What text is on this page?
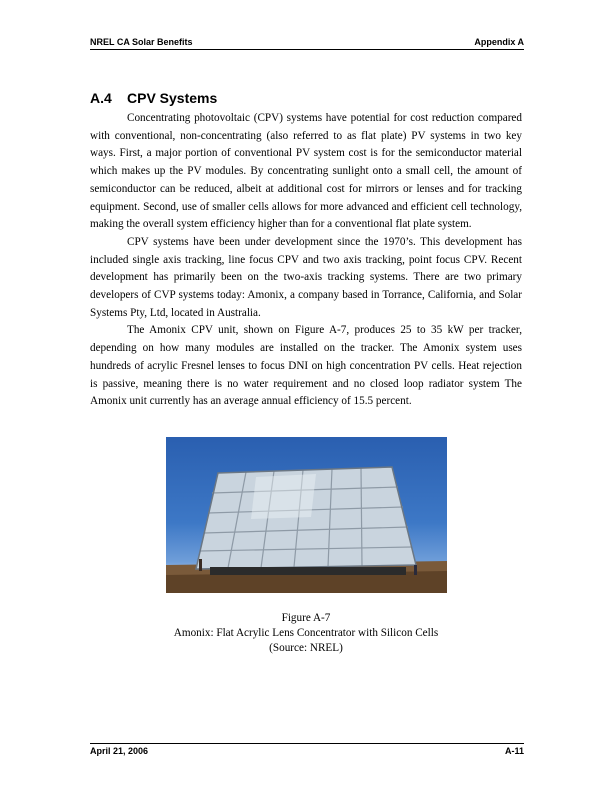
NREL CA Solar Benefits	Appendix A
A.4 CPV Systems

Concentrating photovoltaic (CPV) systems have potential for cost reduction compared with conventional, non-concentrating (also referred to as flat plate) PV systems in two key ways. First, a major portion of conventional PV system cost is for the semiconductor material which makes up the PV modules. By concentrating sunlight onto a small cell, the amount of semiconductor can be reduced, albeit at additional cost for mirrors or lenses and for tracking equipment. Second, use of smaller cells allows for more advanced and efficient cell technology, making the overall system efficiency higher than for a conventional flat plate system.

CPV systems have been under development since the 1970’s. This development has included single axis tracking, line focus CPV and two axis tracking, point focus CPV. Recent development has primarily been on the two-axis tracking systems. There are two primary developers of CVP systems today: Amonix, a company based in Torrance, California, and Solar Systems Pty, Ltd, located in Australia.

The Amonix CPV unit, shown on Figure A-7, produces 25 to 35 kW per tracker, depending on how many modules are installed on the tracker. The Amonix system uses hundreds of acrylic Fresnel lenses to focus DNI on high concentration PV cells. Heat rejection is passive, meaning there is no water requirement and no closed loop radiator system The Amonix unit currently has an average annual efficiency of 15.5 percent.

Figure A-7
Amonix: Flat Acrylic Lens Concentrator with Silicon Cells
(Source: NREL)
April 21, 2006	A-11
